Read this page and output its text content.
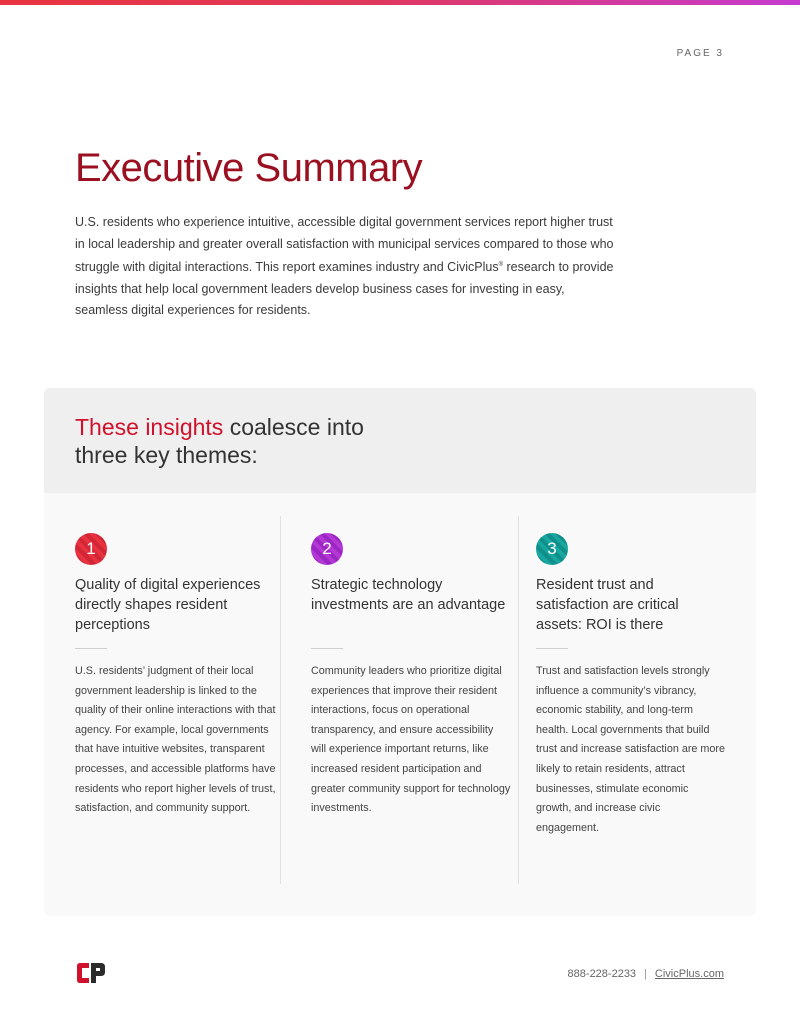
PAGE 3
Executive Summary

U.S. residents who experience intuitive, accessible digital government services report higher trust in local leadership and greater overall satisfaction with municipal services compared to those who struggle with digital interactions. This report examines industry and CivicPlus® research to provide insights that help local government leaders develop business cases for investing in easy, seamless digital experiences for residents.

These insights coalesce into
three key themes:
1
Quality of digital experiences directly shapes resident perceptions

U.S. residents’ judgment of their local government leadership is linked to the quality of their online interactions with that agency. For example, local governments that have intuitive websites, transparent processes, and accessible platforms have residents who report higher levels of trust, satisfaction, and community support.

2
Strategic technology investments are an advantage

Community leaders who prioritize digital experiences that improve their resident interactions, focus on operational transparency, and ensure accessibility will experience important returns, like increased resident participation and greater community support for technology investments.

3
Resident trust and satisfaction are critical assets: ROI is there

Trust and satisfaction levels strongly influence a community’s vibrancy, economic stability, and long-term health. Local governments that build trust and increase satisfaction are more likely to retain residents, attract businesses, stimulate economic growth, and increase civic engagement.

888-228-2233 | CivicPlus.com
